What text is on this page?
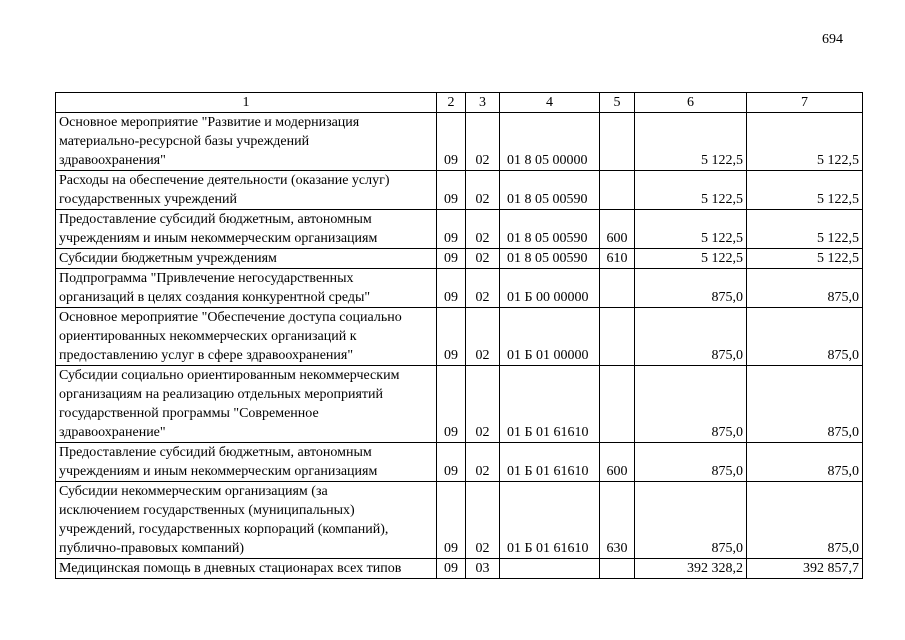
694
1	2	3	4	5	6	7
Основное мероприятие "Развитие и модернизация
материально-ресурсной базы учреждений
здравоохранения"	09	02	01 8 05 00000		5 122,5	5 122,5
Расходы на обеспечение деятельности (оказание услуг)
государственных учреждений	09	02	01 8 05 00590		5 122,5	5 122,5
Предоставление субсидий бюджетным, автономным
учреждениям и иным некоммерческим организациям	09	02	01 8 05 00590	600	5 122,5	5 122,5
Субсидии бюджетным учреждениям	09	02	01 8 05 00590	610	5 122,5	5 122,5
Подпрограмма "Привлечение негосударственных
организаций в целях создания конкурентной среды"	09	02	01 Б 00 00000		875,0	875,0
Основное мероприятие "Обеспечение доступа социально
ориентированных некоммерческих организаций к
предоставлению услуг в сфере здравоохранения"	09	02	01 Б 01 00000		875,0	875,0
Субсидии социально ориентированным некоммерческим
организациям на реализацию отдельных мероприятий
государственной программы "Современное
здравоохранение"	09	02	01 Б 01 61610		875,0	875,0
Предоставление субсидий бюджетным, автономным
учреждениям и иным некоммерческим организациям	09	02	01 Б 01 61610	600	875,0	875,0
Субсидии некоммерческим организациям (за
исключением государственных (муниципальных)
учреждений, государственных корпораций (компаний),
публично-правовых компаний)	09	02	01 Б 01 61610	630	875,0	875,0
Медицинская помощь в дневных стационарах всех типов	09	03			392 328,2	392 857,7
